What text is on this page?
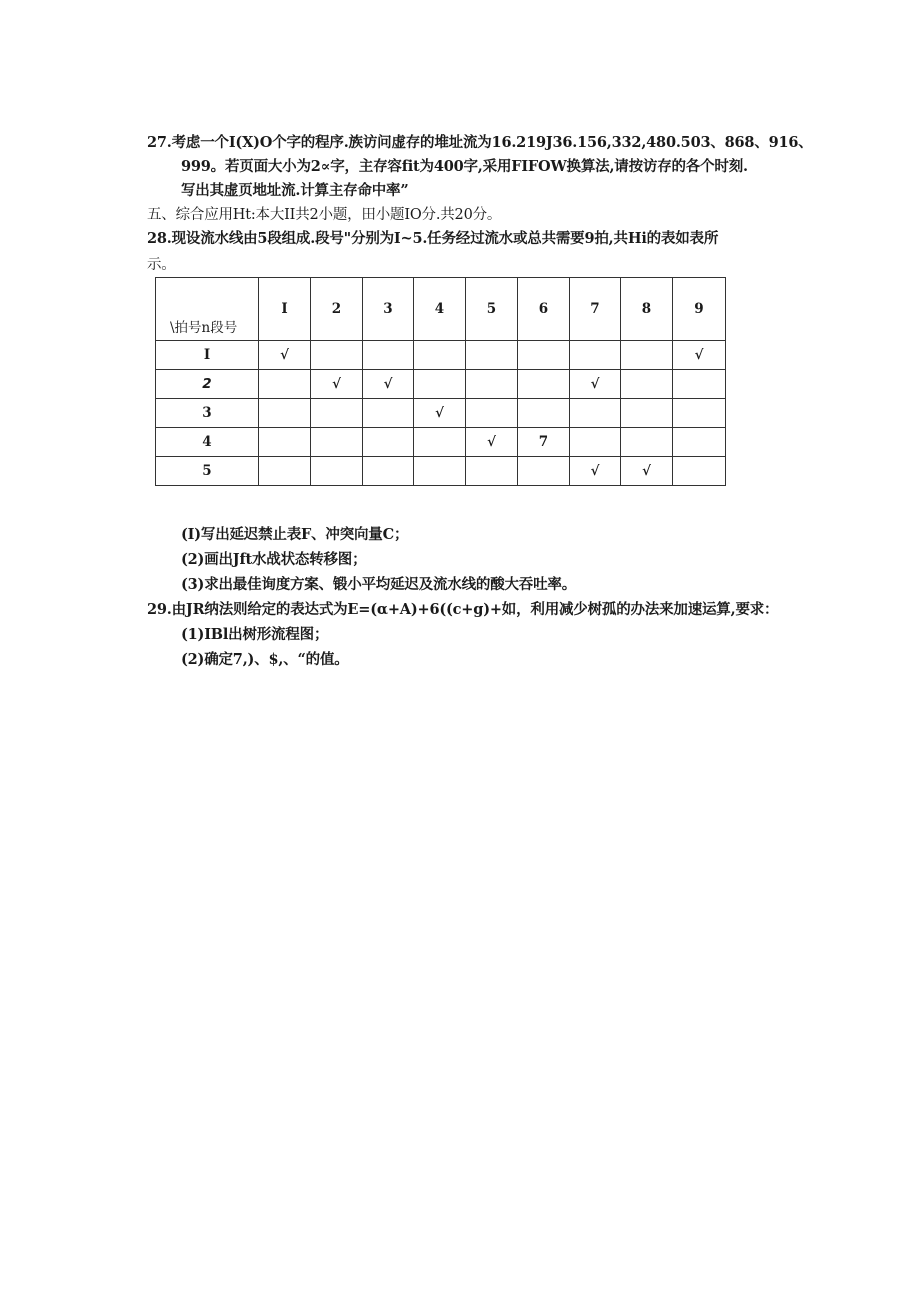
27.考虑一个I(X)O个字的程序.族访问虚存的堆址流为16.219J36.156,332,480.503、868、916、
999。若页面大小为2∝字，主存容fit为400字,采用FIFOW换算法,请按访存的各个时刻.
写出其虚页地址流.计算主存命中率”
五、综合应用Ht:本大II共2小题，田小题IO分.共20分。
28.现设流水线由5段组成.段号"分别为I~5.任务经过流水或总共需要9拍,共Hi的表如表所
示。
\拍号n段号	I	2	3	4	5	6	7	8	9
I	√								√
2		√	√				√		
3				√					
4					√	7			
5							√	√	
(I)写出延迟禁止表F、冲突向量C；
(2)画出Jft水战状态转移图；
(3)求出最佳询度方案、锻小平均延迟及流水线的酸大吞吐率。
29.由JR纳法则给定的表达式为E=(α+A)+6((c+g)+如，利用减少树孤的办法来加速运算,要求：
(1)IBl出树形流程图；
(2)确定7,)、$,、“的值。
